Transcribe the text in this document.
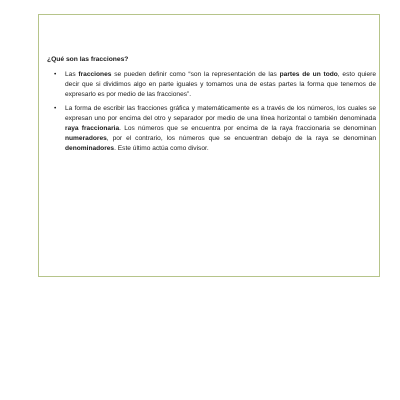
¿Qué son las fracciones?
• Las fracciones se pueden definir como “son la representación de las partes de un todo, esto quiere decir que si dividimos algo en parte iguales y tomamos una de estas partes la forma que tenemos de expresarlo es por medio de las fracciones”.
• La forma de escribir las fracciones gráfica y matemáticamente es a través de los números, los cuales se expresan uno por encima del otro y separador por medio de una línea horizontal o también denominada raya fraccionaria. Los números que se encuentra por encima de la raya fraccionaria se denominan numeradores, por el contrario, los números que se encuentran debajo de la raya se denominan denominadores. Este último actúa como divisor.
